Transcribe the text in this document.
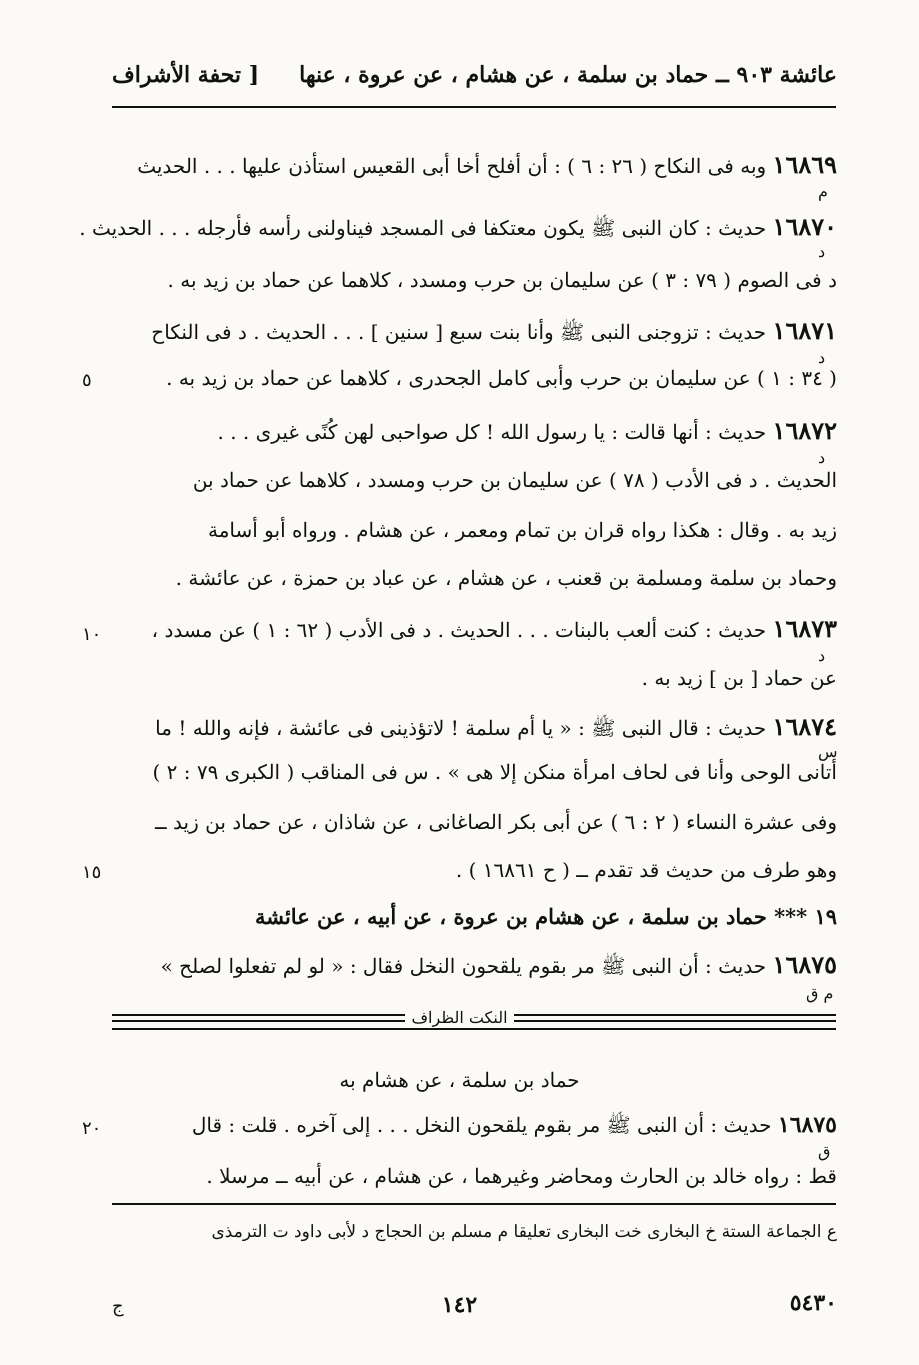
عائشة ٩٠٣ ــ حماد بن سلمة ، عن هشام ، عن عروة ، عنها
[ تحفة الأشراف
١٦٨٦٩ وبه فى النكاح ( ٢٦ : ٦ ) : أن أفلح أخا أبى القعيس استأذن عليها . . . الحديث
م
١٦٨٧٠ حديث : كان النبى ﷺ يكون معتكفا فى المسجد فيناولنى رأسه فأرجله . . . الحديث .
د
د فى الصوم ( ٧٩ : ٣ ) عن سليمان بن حرب ومسدد ، كلاهما عن حماد بن زيد به .
١٦٨٧١ حديث : تزوجنى النبى ﷺ وأنا بنت سبع [ سنين ] . . . الحديث . د فى النكاح
د
( ٣٤ : ١ ) عن سليمان بن حرب وأبى كامل الجحدرى ، كلاهما عن حماد بن زيد به .
٥
١٦٨٧٢ حديث : أنها قالت : يا رسول الله ! كل صواحبى لهن كُنًى غيرى . . .
د
الحديث . د فى الأدب ( ٧٨ ) عن سليمان بن حرب ومسدد ، كلاهما عن حماد بن
زيد به . وقال : هكذا رواه قران بن تمام ومعمر ، عن هشام . ورواه أبو أسامة
وحماد بن سلمة ومسلمة بن قعنب ، عن هشام ، عن عباد بن حمزة ، عن عائشة .
١٦٨٧٣ حديث : كنت ألعب بالبنات . . . الحديث . د فى الأدب ( ٦٢ : ١ ) عن مسدد ،
د
١٠
عن حماد [ بن ] زيد به .
١٦٨٧٤ حديث : قال النبى ﷺ : « يا أم سلمة ! لاتؤذينى فى عائشة ، فإنه والله ! ما
س
أتانى الوحى وأنا فى لحاف امرأة منكن إلا هى » . س فى المناقب ( الكبرى ٧٩ : ٢ )
وفى عشرة النساء ( ٢ : ٦ ) عن أبى بكر الصاغانى ، عن شاذان ، عن حماد بن زيد ــ
وهو طرف من حديث قد تقدم ــ ( ح ١٦٨٦١ ) .
١٥
١٩ *** حماد بن سلمة ، عن هشام بن عروة ، عن أبيه ، عن عائشة
١٦٨٧٥ حديث : أن النبى ﷺ مر بقوم يلقحون النخل فقال : « لو لم تفعلوا لصلح »
م ق
النكت الظراف
حماد بن سلمة ، عن هشام به
١٦٨٧٥ حديث : أن النبى ﷺ مر بقوم يلقحون النخل . . . إلى آخره . قلت : قال
٢٠
ق
قط : رواه خالد بن الحارث ومحاضر وغيرهما ، عن هشام ، عن أبيه ــ مرسلا .
ع الجماعة الستة خ البخارى خت البخارى تعليقا م مسلم بن الحجاج د لأبى داود ت الترمذى
٥٤٣٠
١٤٢
ج
